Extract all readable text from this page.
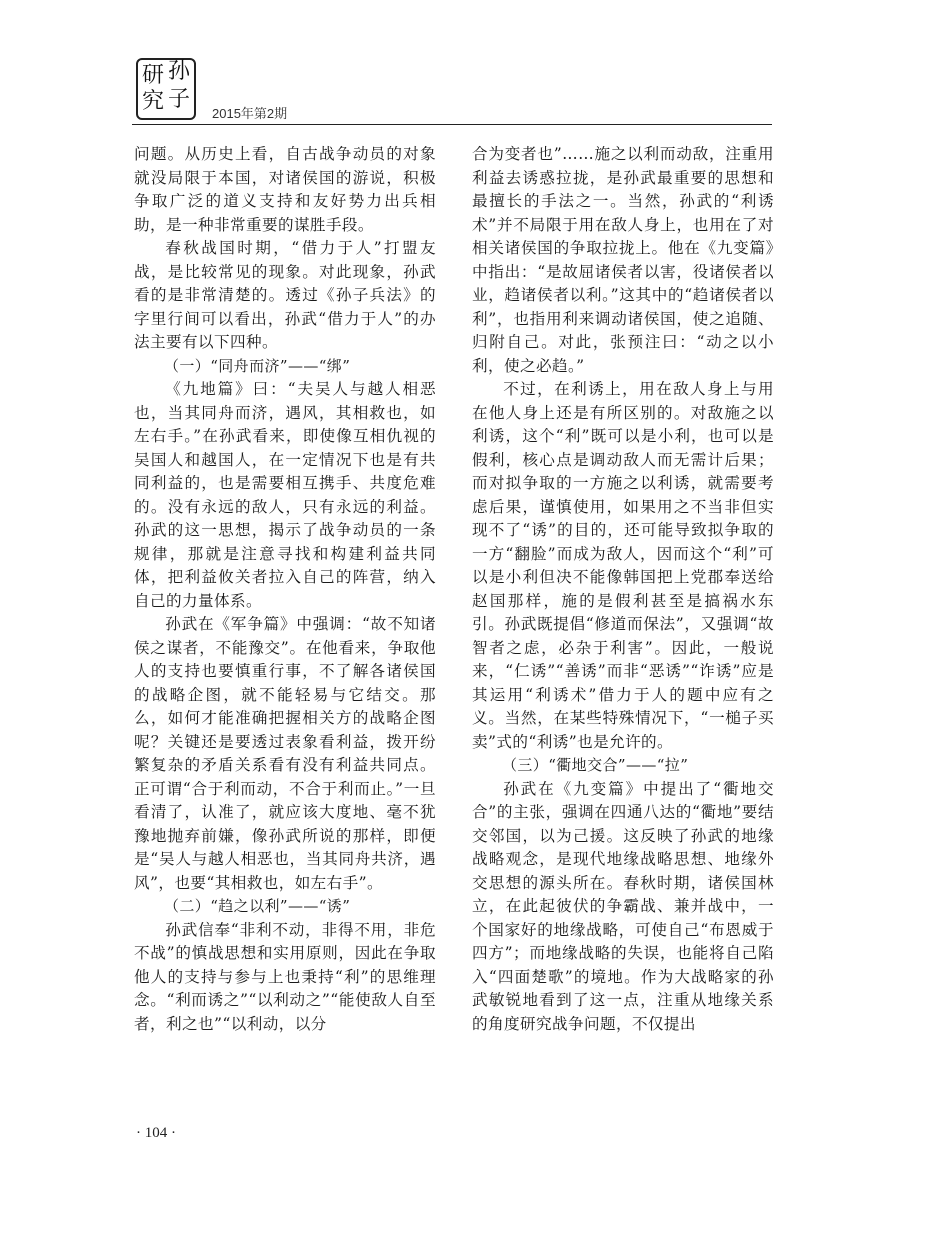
研 孙
究 子
2015年第2期

问题。从历史上看，自古战争动员的对象就没局限于本国，对诸侯国的游说，积极争取广泛的道义支持和友好势力出兵相助，是一种非常重要的谋胜手段。

春秋战国时期，“借力于人”打盟友战，是比较常见的现象。对此现象，孙武看的是非常清楚的。透过《孙子兵法》的字里行间可以看出，孙武“借力于人”的办法主要有以下四种。

（一）“同舟而济”——“绑”

《九地篇》曰：“夫吴人与越人相恶也，当其同舟而济，遇风，其相救也，如左右手。”在孙武看来，即使像互相仇视的吴国人和越国人，在一定情况下也是有共同利益的，也是需要相互携手、共度危难的。没有永远的敌人，只有永远的利益。孙武的这一思想，揭示了战争动员的一条规律，那就是注意寻找和构建利益共同体，把利益攸关者拉入自己的阵营，纳入自己的力量体系。

孙武在《军争篇》中强调：“故不知诸侯之谋者，不能豫交”。在他看来，争取他人的支持也要慎重行事，不了解各诸侯国的战略企图，就不能轻易与它结交。那么，如何才能准确把握相关方的战略企图呢？关键还是要透过表象看利益，拨开纷繁复杂的矛盾关系看有没有利益共同点。正可谓“合于利而动，不合于利而止。”一旦看清了，认准了，就应该大度地、毫不犹豫地抛弃前嫌，像孙武所说的那样，即便是“吴人与越人相恶也，当其同舟共济，遇风”，也要“其相救也，如左右手”。

（二）“趋之以利”——“诱”

孙武信奉“非利不动，非得不用，非危不战”的慎战思想和实用原则，因此在争取他人的支持与参与上也秉持“利”的思维理念。“利而诱之”“以利动之”“能使敌人自至者，利之也”“以利动，以分

合为变者也”……施之以利而动敌，注重用利益去诱惑拉拢，是孙武最重要的思想和最擅长的手法之一。当然，孙武的“利诱术”并不局限于用在敌人身上，也用在了对相关诸侯国的争取拉拢上。他在《九变篇》中指出：“是故屈诸侯者以害，役诸侯者以业，趋诸侯者以利。”这其中的“趋诸侯者以利”，也指用利来调动诸侯国，使之追随、归附自己。对此，张预注曰：“动之以小利，使之必趋。”

不过，在利诱上，用在敌人身上与用在他人身上还是有所区别的。对敌施之以利诱，这个“利”既可以是小利，也可以是假利，核心点是调动敌人而无需计后果；而对拟争取的一方施之以利诱，就需要考虑后果，谨慎使用，如果用之不当非但实现不了“诱”的目的，还可能导致拟争取的一方“翻脸”而成为敌人，因而这个“利”可以是小利但决不能像韩国把上党郡奉送给赵国那样，施的是假利甚至是搞祸水东引。孙武既提倡“修道而保法”，又强调“故智者之虑，必杂于利害”。因此，一般说来，“仁诱”“善诱”而非“恶诱”“诈诱”应是其运用“利诱术”借力于人的题中应有之义。当然，在某些特殊情况下，“一槌子买卖”式的“利诱”也是允许的。

（三）“衢地交合”——“拉”

孙武在《九变篇》中提出了“衢地交合”的主张，强调在四通八达的“衢地”要结交邻国，以为己援。这反映了孙武的地缘战略观念，是现代地缘战略思想、地缘外交思想的源头所在。春秋时期，诸侯国林立，在此起彼伏的争霸战、兼并战中，一个国家好的地缘战略，可使自己“布恩威于四方”；而地缘战略的失误，也能将自己陷入“四面楚歌”的境地。作为大战略家的孙武敏锐地看到了这一点，注重从地缘关系的角度研究战争问题，不仅提出

· 104 ·
